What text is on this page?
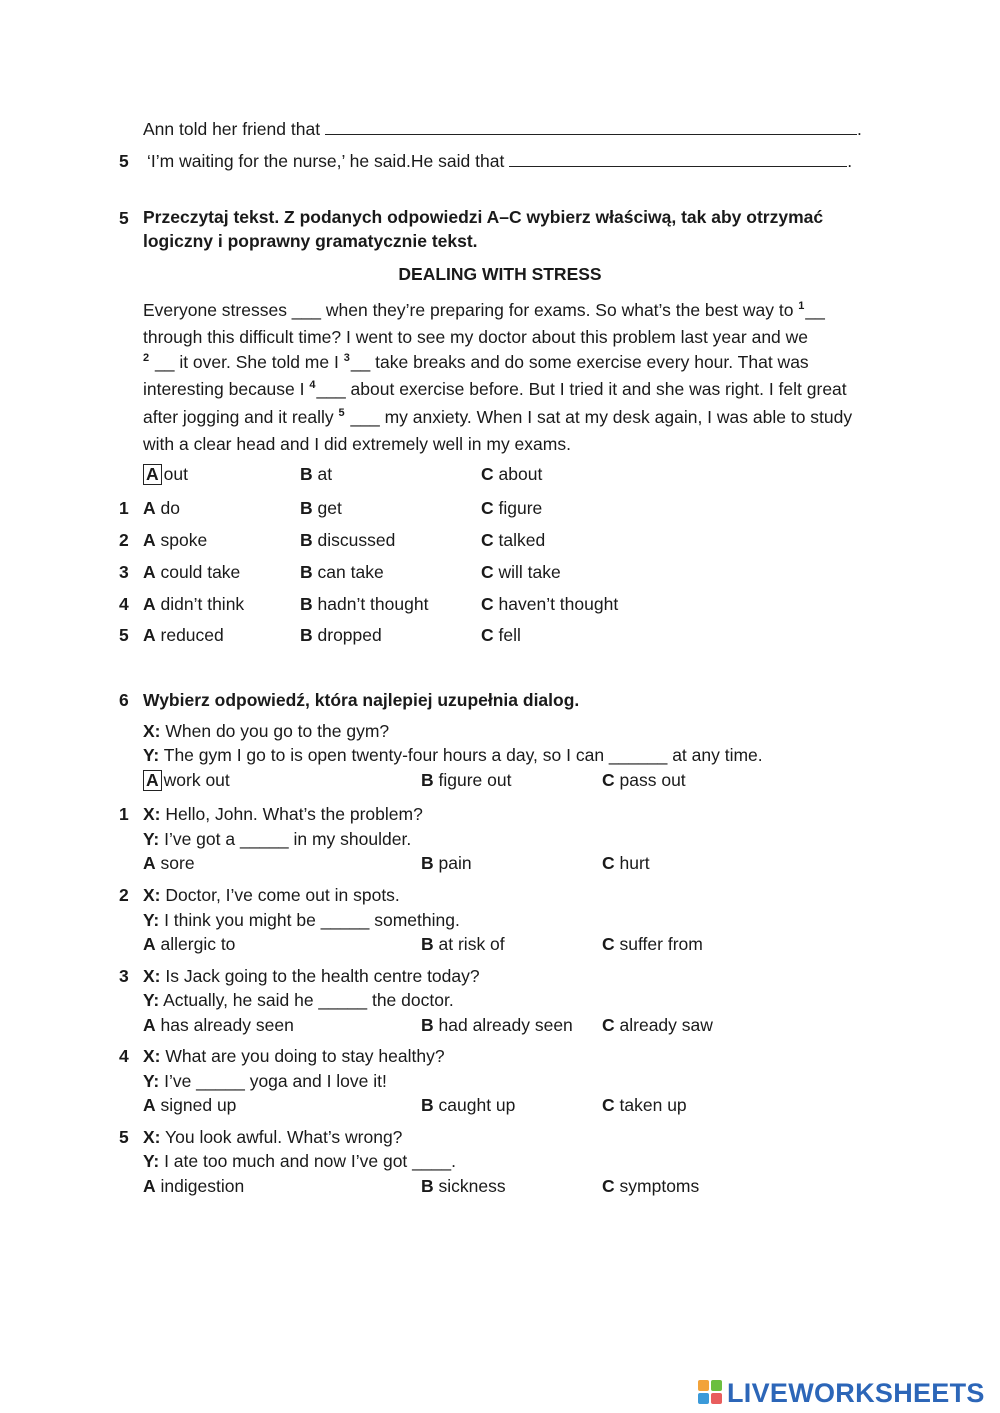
Ann told her friend that	.
5 ‘I’m waiting for the nurse,’ he said.He said that	.
5 Przeczytaj tekst. Z podanych odpowiedzi A–C wybierz właściwą, tak aby otrzymać logiczny i poprawny gramatycznie tekst.
DEALING WITH STRESS
Everyone stresses ___ when they’re preparing for exams. So what’s the best way to $^1$__ through this difficult time? I went to see my doctor about this problem last year and we
$^2$ __ it over. She told me I $^3$__ take breaks and do some exercise every hour. That was interesting because I $^4$___ about exercise before. But I tried it and she was right. I felt great after jogging and it really $^5$ ___ my anxiety. When I sat at my desk again, I was able to study with a clear head and I did extremely well in my exams.
A out	B at	C about
1 A do	B get	C figure
2 A spoke	B discussed	C talked
3 A could take	B can take	C will take
4 A didn’t think	B hadn’t thought	C haven’t thought
5 A reduced	B dropped	C fell
6 Wybierz odpowiedź, która najlepiej uzupełnia dialog.
X: When do you go to the gym?
Y: The gym I go to is open twenty-four hours a day, so I can ______ at any time.
A work out	B figure out	C pass out
1 X: Hello, John. What’s the problem?
Y: I’ve got a _____ in my shoulder.
A sore	B pain	C hurt
2 X: Doctor, I’ve come out in spots.
Y: I think you might be _____ something.
A allergic to	B at risk of	C suffer from
3 X: Is Jack going to the health centre today?
Y: Actually, he said he _____ the doctor.
A has already seen	B had already seen C already saw
4 X: What are you doing to stay healthy?
Y: I’ve _____ yoga and I love it!
A signed up	B caught up	C taken up
5 X: You look awful. What’s wrong?
Y: I ate too much and now I’ve got ____.
A indigestion	B sickness	C symptoms
LIVEWORKSHEETS
